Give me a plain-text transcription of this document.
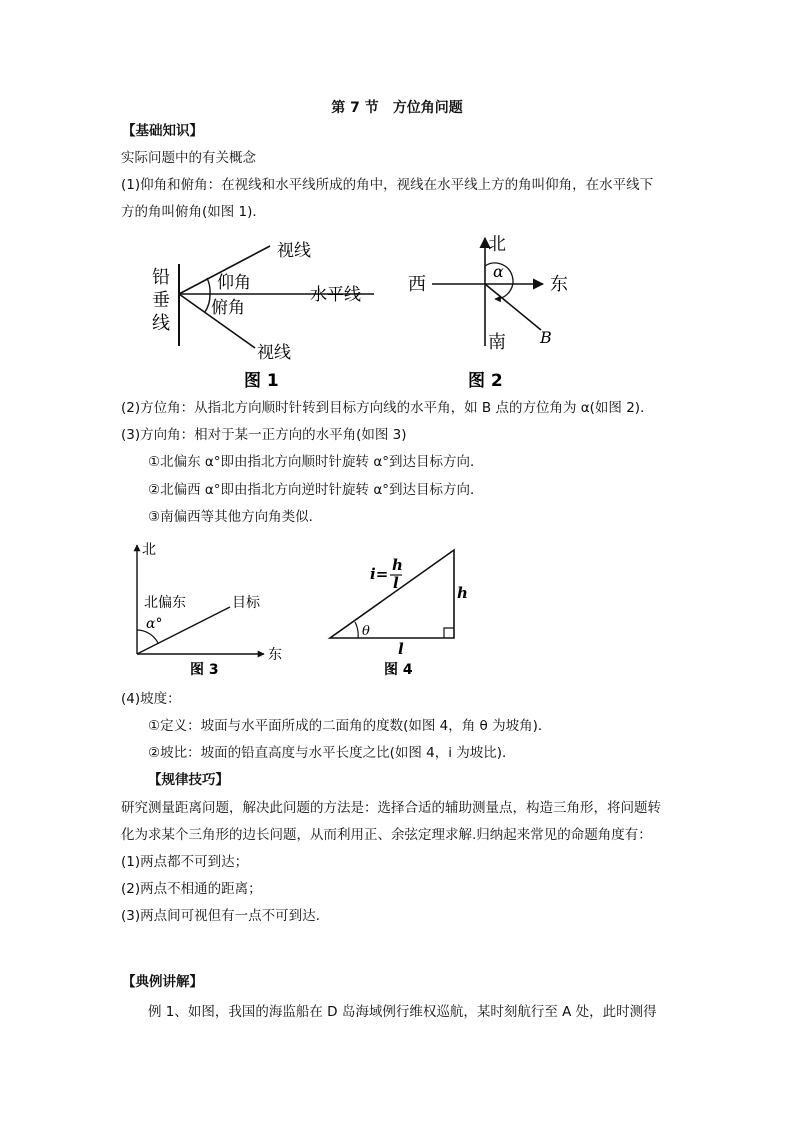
第 7 节　方位角问题
【基础知识】
实际问题中的有关概念
(1)仰角和俯角：在视线和水平线所成的角中，视线在水平线上方的角叫仰角，在水平线下
方的角叫俯角(如图 1)．
铅
垂
线
视线
仰角
水平线
俯角
视线
图 1
北
西	东
南
α
B
图 2
(2)方位角：从指北方向顺时针转到目标方向线的水平角，如 B 点的方位角为 α(如图 2)．
(3)方向角：相对于某一正方向的水平角(如图 3)
①北偏东 α°即由指北方向顺时针旋转 α°到达目标方向．
②北偏西 α°即由指北方向逆时针旋转 α°到达目标方向．
③南偏西等其他方向角类似．
北
北偏东
α°
目标
东
图 3
i= h
l
h
θ
l
图 4
(4)坡度：
①定义：坡面与水平面所成的二面角的度数(如图 4，角 θ 为坡角)．
②坡比：坡面的铅直高度与水平长度之比(如图 4，i 为坡比)．
【规律技巧】
研究测量距离问题，解决此问题的方法是：选择合适的辅助测量点，构造三角形，将问题转
化为求某个三角形的边长问题，从而利用正、余弦定理求解.归纳起来常见的命题角度有：
(1)两点都不可到达；
(2)两点不相通的距离；
(3)两点间可视但有一点不可到达.
【典例讲解】
例 1、如图，我国的海监船在 D 岛海域例行维权巡航，某时刻航行至 A 处，此时测得
